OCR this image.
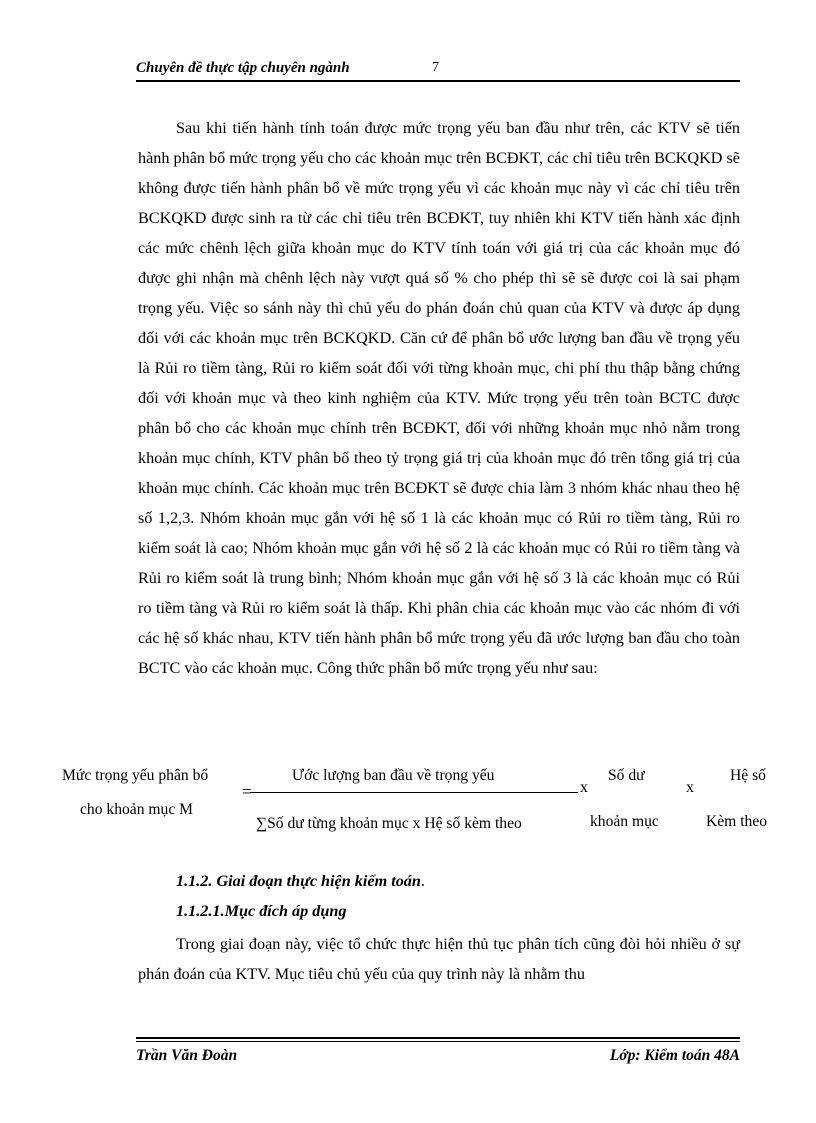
Chuyên đề thực tập chuyên ngành	7

Sau khi tiến hành tính toán được mức trọng yếu ban đầu như trên, các KTV sẽ tiến hành phân bổ mức trọng yếu cho các khoản mục trên BCĐKT, các chỉ tiêu trên BCKQKD sẽ không được tiến hành phân bổ về mức trọng yếu vì các khoản mục này vì các chỉ tiêu trên BCKQKD được sinh ra từ các chỉ tiêu trên BCĐKT, tuy nhiên khi KTV tiến hành xác định các mức chênh lệch giữa khoản mục do KTV tính toán với giá trị của các khoản mục đó được ghi nhận mà chênh lệch này vượt quá số % cho phép thì sẽ sẽ được coi là sai phạm trọng yếu. Việc so sánh này thì chủ yếu do phán đoán chủ quan của KTV và được áp dụng đối với các khoản mục trên BCKQKD. Căn cứ để phân bổ ước lượng ban đầu về trọng yếu là Rủi ro tiềm tàng, Rủi ro kiểm soát đối với từng khoản mục, chi phí thu thập bằng chứng đối với khoản mục và theo kinh nghiệm của KTV. Mức trọng yếu trên toàn BCTC được phân bổ cho các khoản mục chính trên BCĐKT, đối với những khoản mục nhỏ nằm trong khoản mục chính, KTV phân bổ theo tỷ trọng giá trị của khoản mục đó trên tổng giá trị của khoản mục chính. Các khoản mục trên BCĐKT sẽ được chia làm 3 nhóm khác nhau theo hệ số 1,2,3. Nhóm khoản mục gắn với hệ số 1 là các khoản mục có Rủi ro tiềm tàng, Rủi ro kiểm soát là cao; Nhóm khoản mục gắn với hệ số 2 là các khoản mục có Rủi ro tiềm tàng và Rủi ro kiểm soát là trung bình; Nhóm khoản mục gắn với hệ số 3 là các khoản mục có Rủi ro tiềm tàng và Rủi ro kiểm soát là thấp. Khi phân chia các khoản mục vào các nhóm đi với các hệ số khác nhau, KTV tiến hành phân bổ mức trọng yếu đã ước lượng ban đầu cho toàn BCTC vào các khoản mục. Công thức phân bổ mức trọng yếu như sau:

Mức trọng yếu phân bổ
cho khoản mục M
=
Ước lượng ban đầu về trọng yếu
∑Số dư từng khoản mục x Hệ số kèm theo
x
Số dư
khoản mục
x
Hệ số
Kèm theo
1.1.2. Giai đoạn thực hiện kiểm toán.
1.1.2.1.Mục đích áp dụng

Trong giai đoạn này, việc tổ chức thực hiện thủ tục phân tích cũng đòi hỏi nhiều ở sự phán đoán của KTV. Mục tiêu chủ yếu của quy trình này là nhằm thu

Trần Văn Đoàn	Lớp: Kiểm toán 48A
